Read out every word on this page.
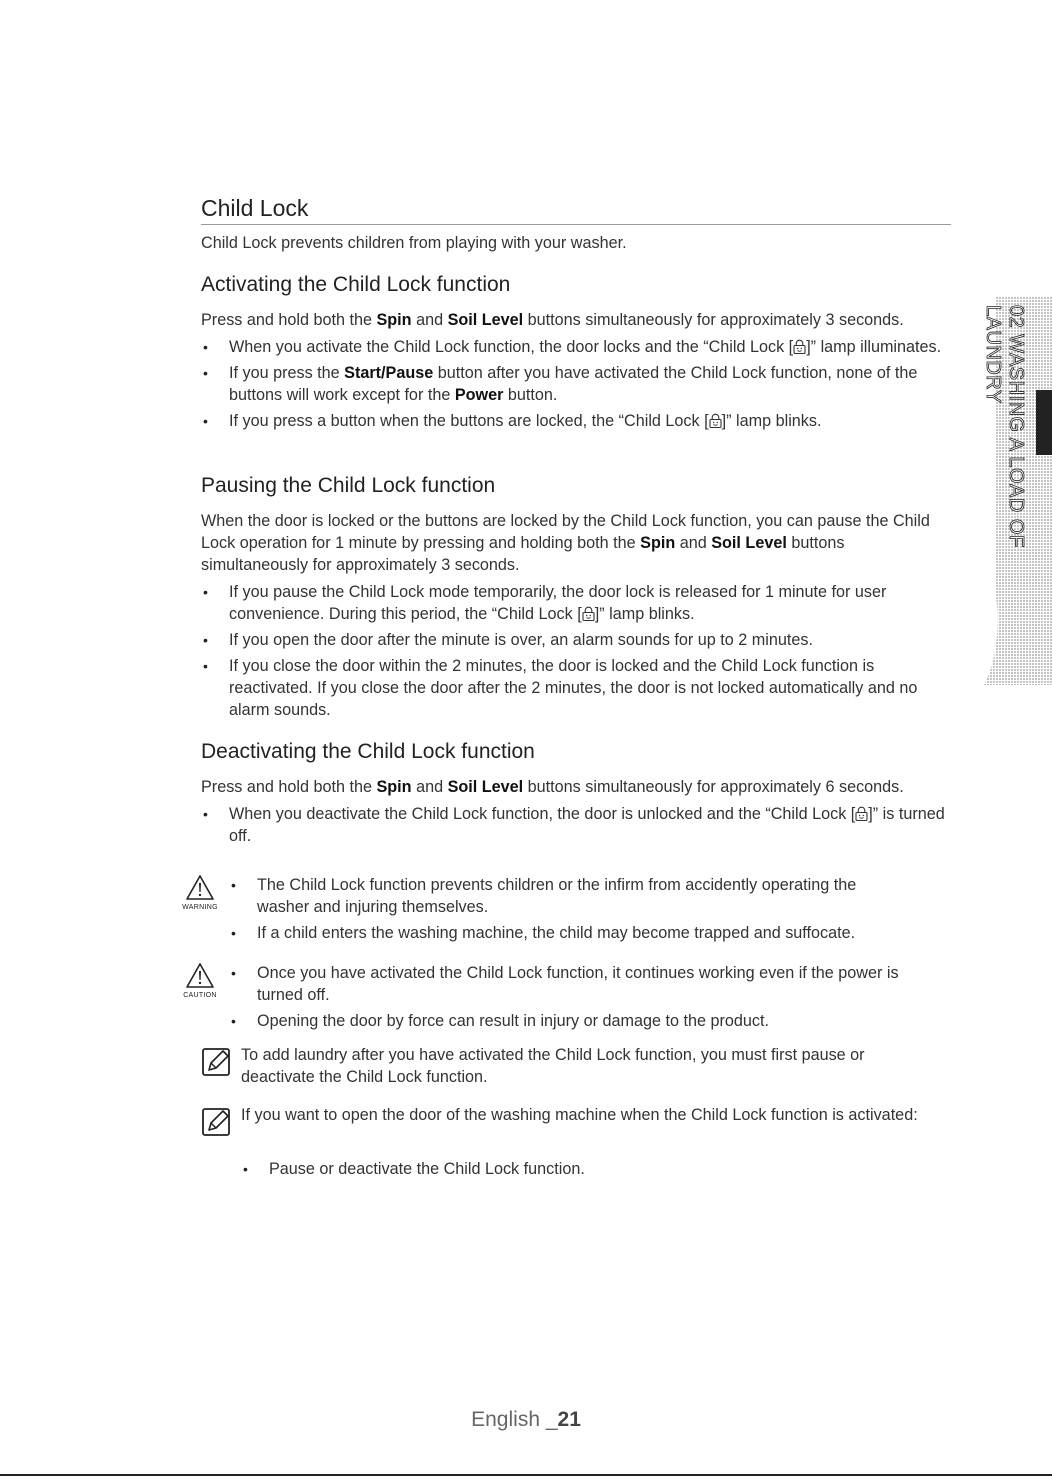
Child Lock

Child Lock prevents children from playing with your washer.

Activating the Child Lock function

Press and hold both the Spin and Soil Level buttons simultaneously for approximately 3 seconds.

• When you activate the Child Lock function, the door locks and the “Child Lock [ ]” lamp illuminates.
• If you press the Start/Pause button after you have activated the Child Lock function, none of the buttons will work except for the Power button.
• If you press a button when the buttons are locked, the “Child Lock [ ]” lamp blinks.
Pausing the Child Lock function

When the door is locked or the buttons are locked by the Child Lock function, you can pause the Child Lock operation for 1 minute by pressing and holding both the Spin and Soil Level buttons simultaneously for approximately 3 seconds.

• If you pause the Child Lock mode temporarily, the door lock is released for 1 minute for user convenience. During this period, the “Child Lock [ ]” lamp blinks.
• If you open the door after the minute is over, an alarm sounds for up to 2 minutes.
• If you close the door within the 2 minutes, the door is locked and the Child Lock function is reactivated. If you close the door after the 2 minutes, the door is not locked automatically and no alarm sounds.
Deactivating the Child Lock function

Press and hold both the Spin and Soil Level buttons simultaneously for approximately 6 seconds.

• When you deactivate the Child Lock function, the door is unlocked and the “Child Lock [ ]” is turned off.
WARNING
• The Child Lock function prevents children or the infirm from accidently operating the washer and injuring themselves.
• If a child enters the washing machine, the child may become trapped and suffocate.
CAUTION
• Once you have activated the Child Lock function, it continues working even if the power is turned off.
• Opening the door by force can result in injury or damage to the product.

To add laundry after you have activated the Child Lock function, you must first pause or deactivate the Child Lock function.

If you want to open the door of the washing machine when the Child Lock function is activated:

• Pause or deactivate the Child Lock function.
02 WASHING A LOAD OF LAUNDRY
English _21
